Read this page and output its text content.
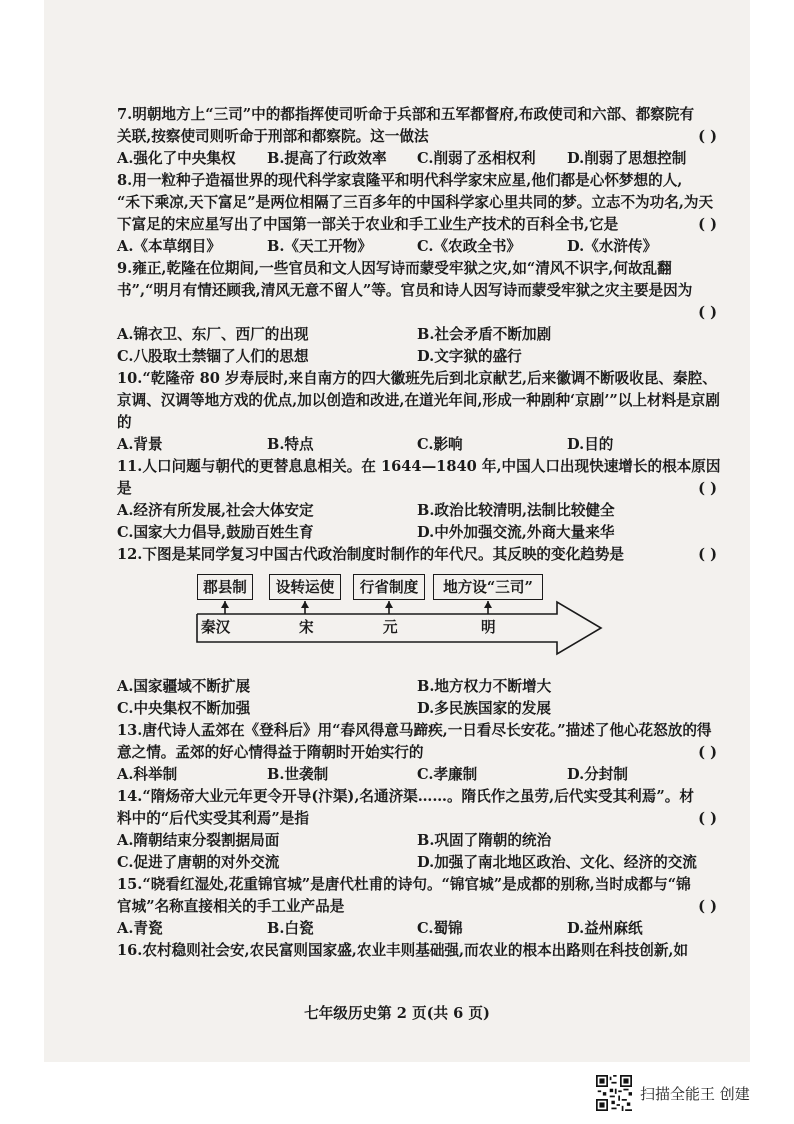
7.明朝地方上“三司”中的都指挥使司听命于兵部和五军都督府,布政使司和六部、都察院有
关联,按察使司则听命于刑部和都察院。这一做法	( )
A.强化了中央集权	B.提高了行政效率	C.削弱了丞相权利	D.削弱了思想控制
8.用一粒种子造福世界的现代科学家袁隆平和明代科学家宋应星,他们都是心怀梦想的人,
“禾下乘凉,天下富足”是两位相隔了三百多年的中国科学家心里共同的梦。立志不为功名,为天
下富足的宋应星写出了中国第一部关于农业和手工业生产技术的百科全书,它是	( )
A.《本草纲目》	B.《天工开物》	C.《农政全书》	D.《水浒传》
9.雍正,乾隆在位期间,一些官员和文人因写诗而蒙受牢狱之灾,如“清风不识字,何故乱翻
书”,“明月有情还顾我,清风无意不留人”等。官员和诗人因写诗而蒙受牢狱之灾主要是因为

( )
A.锦衣卫、东厂、西厂的出现	B.社会矛盾不断加剧
C.八股取士禁锢了人们的思想	D.文字狱的盛行
10.“乾隆帝 80 岁寿辰时,来自南方的四大徽班先后到北京献艺,后来徽调不断吸收昆、秦腔、
京调、汉调等地方戏的优点,加以创造和改进,在道光年间,形成一种剧种‘京剧’”以上材料是京剧
的
A.背景	B.特点	C.影响	D.目的
11.人口问题与朝代的更替息息相关。在 1644—1840 年,中国人口出现快速增长的根本原因
是	( )
A.经济有所发展,社会大体安定	B.政治比较清明,法制比较健全
C.国家大力倡导,鼓励百姓生育	D.中外加强交流,外商大量来华
12.下图是某同学复习中国古代政治制度时制作的年代尺。其反映的变化趋势是	( )
郡县制	设转运使	行省制度	地方设“三司”
秦汉	宋	元	明
A.国家疆域不断扩展	B.地方权力不断增大
C.中央集权不断加强	D.多民族国家的发展
13.唐代诗人孟郊在《登科后》用“春风得意马蹄疾,一日看尽长安花。”描述了他心花怒放的得
意之情。孟郊的好心情得益于隋朝时开始实行的	( )
A.科举制	B.世袭制	C.孝廉制	D.分封制
14.“隋炀帝大业元年更令开导(汴渠),名通济渠……。隋氏作之虽劳,后代实受其利焉”。材
料中的“后代实受其利焉”是指	( )
A.隋朝结束分裂割据局面	B.巩固了隋朝的统治
C.促进了唐朝的对外交流	D.加强了南北地区政治、文化、经济的交流
15.“晓看红湿处,花重锦官城”是唐代杜甫的诗句。“锦官城”是成都的别称,当时成都与“锦
官城”名称直接相关的手工业产品是	( )
A.青瓷	B.白瓷	C.蜀锦	D.益州麻纸
16.农村稳则社会安,农民富则国家盛,农业丰则基础强,而农业的根本出路则在科技创新,如
七年级历史第 2 页(共 6 页)
扫描全能王 创建
